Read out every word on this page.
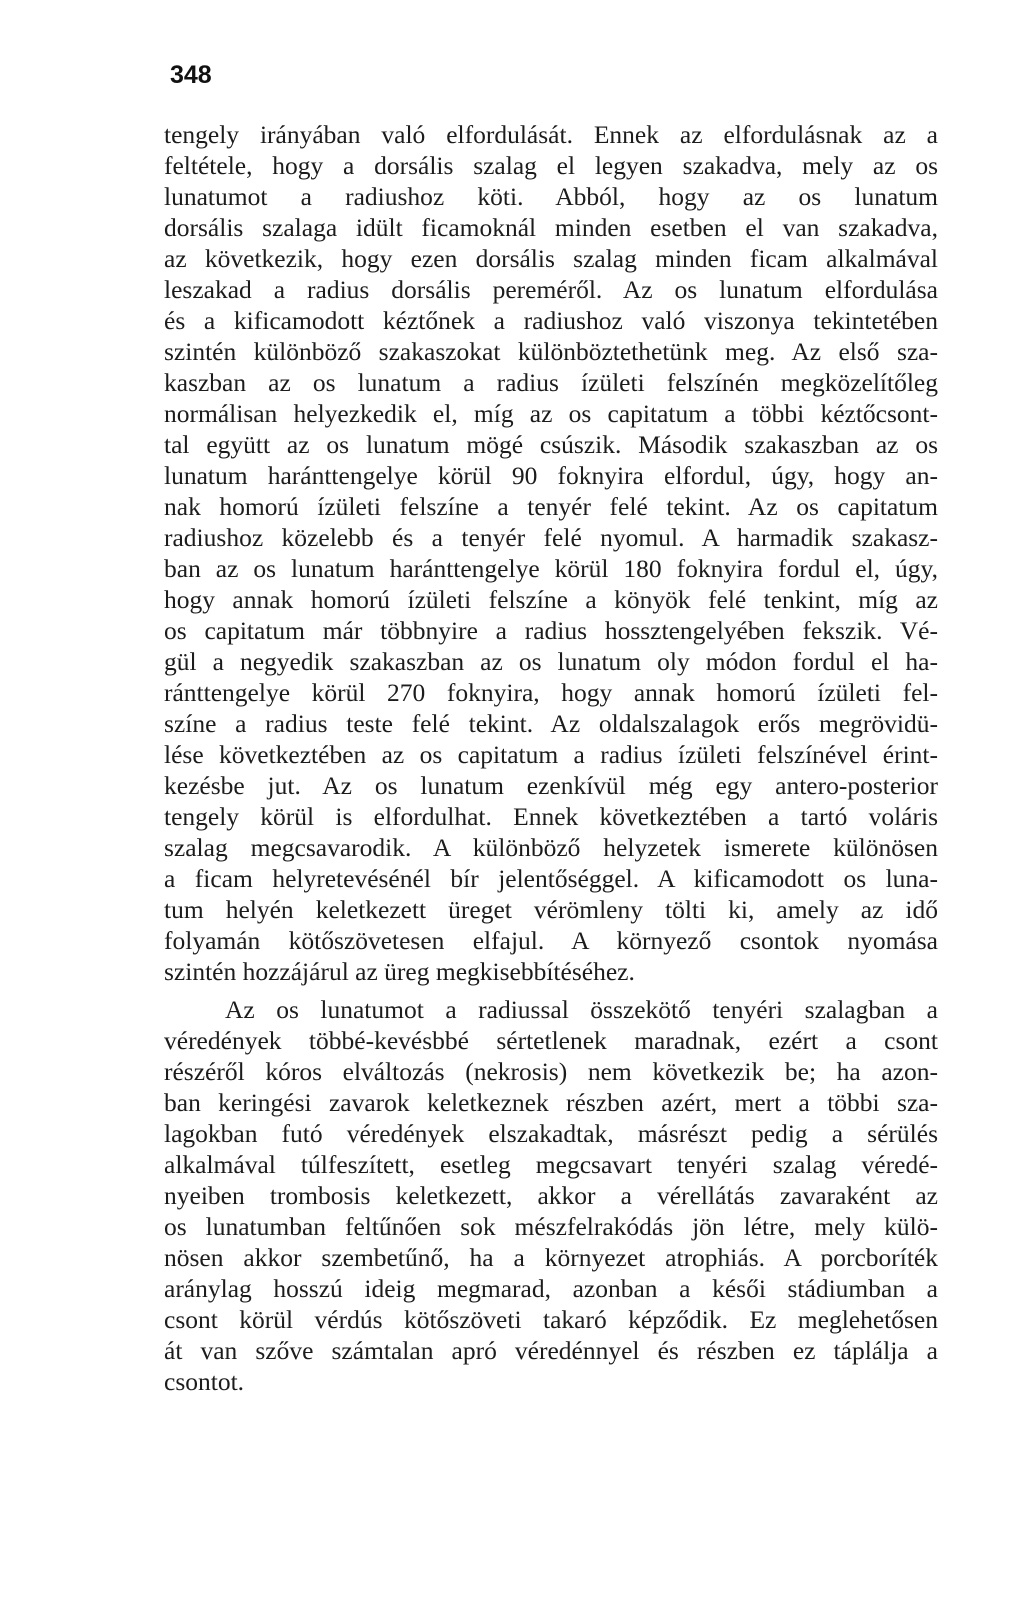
348

tengely irányában való elfordulását. Ennek az elfordulásnak az a
feltétele, hogy a dorsális szalag el legyen szakadva, mely az os
lunatumot a radiushoz köti. Abból, hogy az os lunatum
dorsális szalaga idült ficamoknál minden esetben el van szakadva,
az következik, hogy ezen dorsális szalag minden ficam alkalmával
leszakad a radius dorsális pereméről. Az os lunatum elfordulása
és a kificamodott kéztőnek a radiushoz való viszonya tekintetében
szintén különböző szakaszokat különböztethetünk meg. Az első sza-
kaszban az os lunatum a radius ízületi felszínén megközelítőleg
normálisan helyezkedik el, míg az os capitatum a többi kéztőcsont-
tal együtt az os lunatum mögé csúszik. Második szakaszban az os
lunatum haránttengelye körül 90 foknyira elfordul, úgy, hogy an-
nak homorú ízületi felszíne a tenyér felé tekint. Az os capitatum
radiushoz közelebb és a tenyér felé nyomul. A harmadik szakasz-
ban az os lunatum haránttengelye körül 180 foknyira fordul el, úgy,
hogy annak homorú ízületi felszíne a könyök felé tenkint, míg az
os capitatum már többnyire a radius hossztengelyében fekszik. Vé-
gül a negyedik szakaszban az os lunatum oly módon fordul el ha-
ránttengelye körül 270 foknyira, hogy annak homorú ízületi fel-
színe a radius teste felé tekint. Az oldalszalagok erős megrövidü-
lése következtében az os capitatum a radius ízületi felszínével érint-
kezésbe jut. Az os lunatum ezenkívül még egy antero-posterior
tengely körül is elfordulhat. Ennek következtében a tartó voláris
szalag megcsavarodik. A különböző helyzetek ismerete különösen
a ficam helyretevésénél bír jelentőséggel. A kificamodott os luna-
tum helyén keletkezett üreget vérömleny tölti ki, amely az idő
folyamán kötőszövetesen elfajul. A környező csontok nyomása
szintén hozzájárul az üreg megkisebbítéséhez.
Az os lunatumot a radiussal összekötő tenyéri szalagban a
véredények többé-kevésbbé sértetlenek maradnak, ezért a csont
részéről kóros elváltozás (nekrosis) nem következik be; ha azon-
ban keringési zavarok keletkeznek részben azért, mert a többi sza-
lagokban futó véredények elszakadtak, másrészt pedig a sérülés
alkalmával túlfeszített, esetleg megcsavart tenyéri szalag véredé-
nyeiben trombosis keletkezett, akkor a vérellátás zavaraként az
os lunatumban feltűnően sok mészfelrakódás jön létre, mely külö-
nösen akkor szembetűnő, ha a környezet atrophiás. A porcboríték
aránylag hosszú ideig megmarad, azonban a késői stádiumban a
csont körül vérdús kötőszöveti takaró képződik. Ez meglehetősen
át van szőve számtalan apró véredénnyel és részben ez táplálja a
csontot.
